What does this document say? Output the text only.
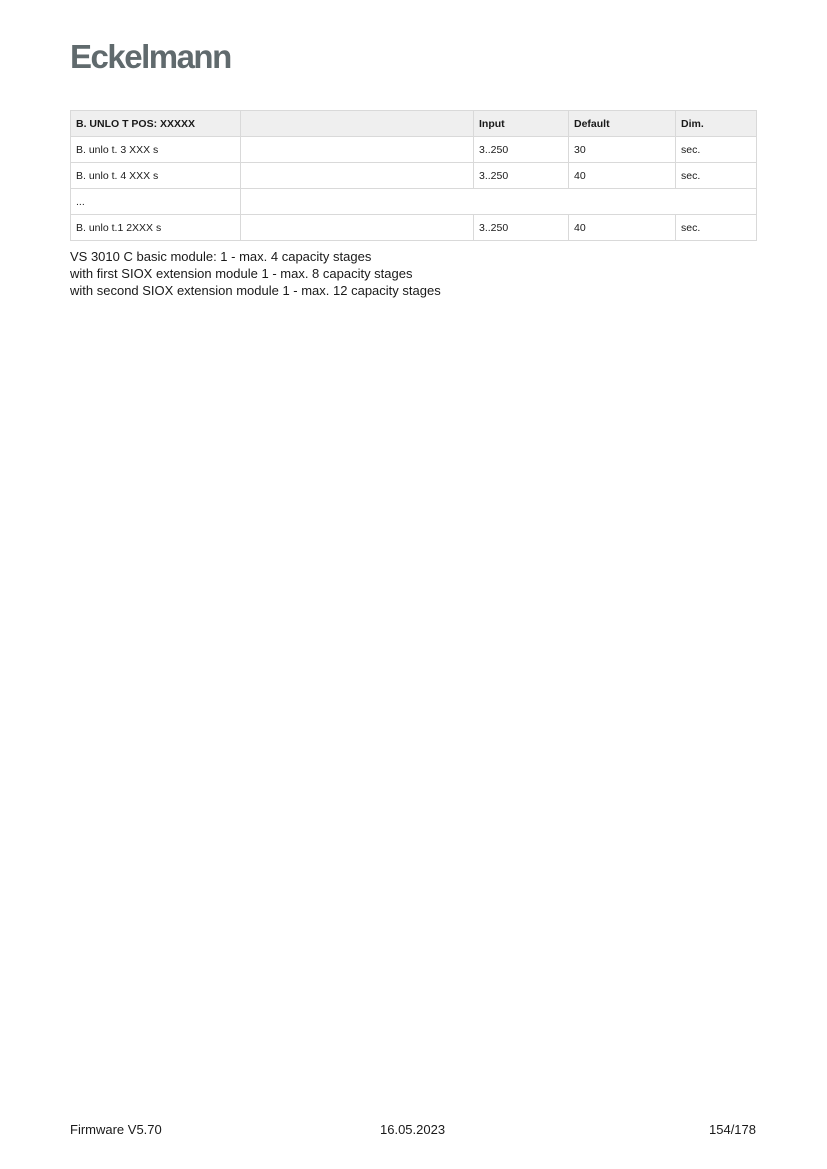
Eckelmann
B. UNLO T POS: XXXXX		Input	Default	Dim.
B. unlo t. 3 XXX s		3..250	30	sec.
B. unlo t. 4 XXX s		3..250	40	sec.
...				
B. unlo t.1 2XXX s		3..250	40	sec.
VS 3010 C basic module: 1 - max. 4 capacity stages
with first SIOX extension module 1 - max. 8 capacity stages
with second SIOX extension module 1 - max. 12 capacity stages
Firmware V5.70	16.05.2023	154/178
